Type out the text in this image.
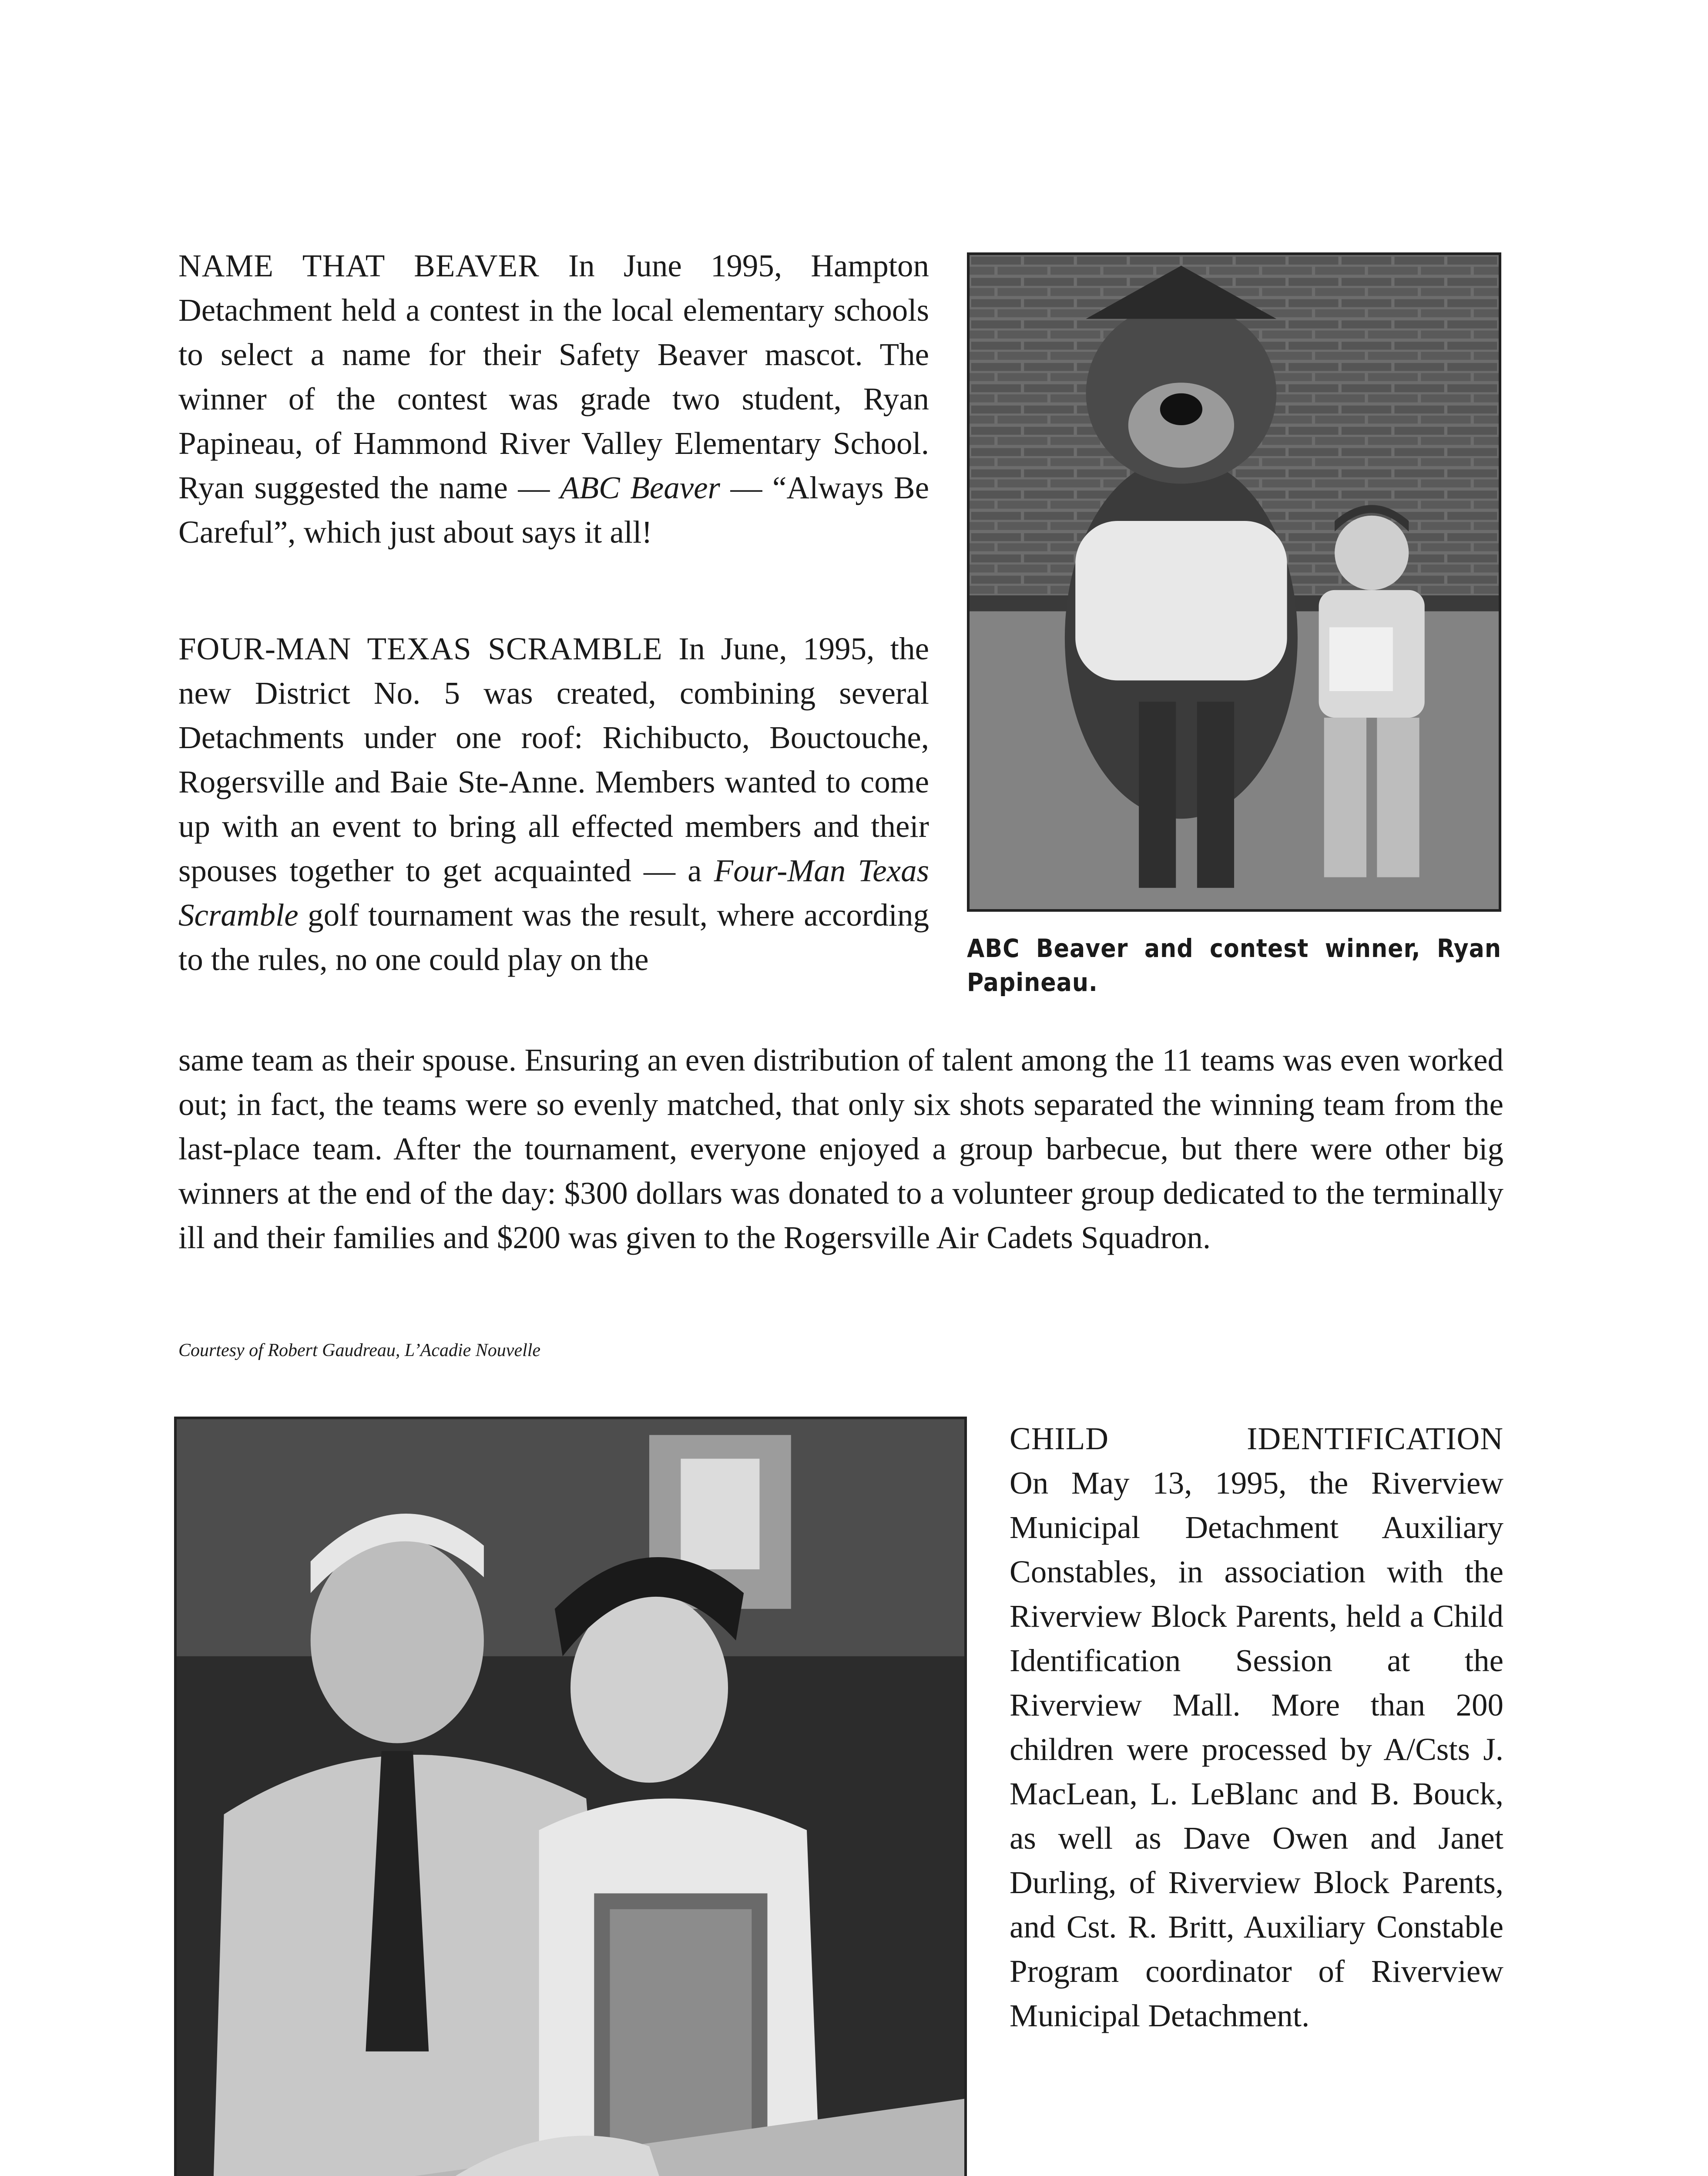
NAME THAT BEAVER In June 1995, Hampton Detachment held a contest in the local elementary schools to select a name for their Safety Beaver mascot. The winner of the contest was grade two student, Ryan Papineau, of Hammond River Valley Elementary School. Ryan suggested the name — ABC Beaver — “Always Be Careful”, which just about says it all!
FOUR-MAN TEXAS SCRAMBLE In June, 1995, the new District No. 5 was created, combining several Detachments under one roof: Richibucto, Bouctouche, Rogersville and Baie Ste-Anne. Members wanted to come up with an event to bring all effected members and their spouses together to get acquainted — a Four-Man Texas Scramble golf tournament was the result, where according to the rules, no one could play on the
same team as their spouse. Ensuring an even distribution of talent among the 11 teams was even worked out; in fact, the teams were so evenly matched, that only six shots separated the winning team from the last-place team. After the tournament, everyone enjoyed a group barbecue, but there were other big winners at the end of the day: $300 dollars was donated to a volunteer group dedicated to the terminally ill and their families and $200 was given to the Rogersville Air Cadets Squadron.
ABC Beaver and contest winner, Ryan Papineau.
Courtesy of Robert Gaudreau, L’Acadie Nouvelle
CHILD IDENTIFICATION
On May 13, 1995, the Riverview Municipal Detachment Auxiliary Constables, in association with the Riverview Block Parents, held a Child Identification Session at the Riverview Mall. More than 200 children were processed by A/Csts J. MacLean, L. LeBlanc and B. Bouck, as well as Dave Owen and Janet Durling, of Riverview Block Parents, and Cst. R. Britt, Auxiliary Constable Program coordinator of Riverview Municipal Detachment.
